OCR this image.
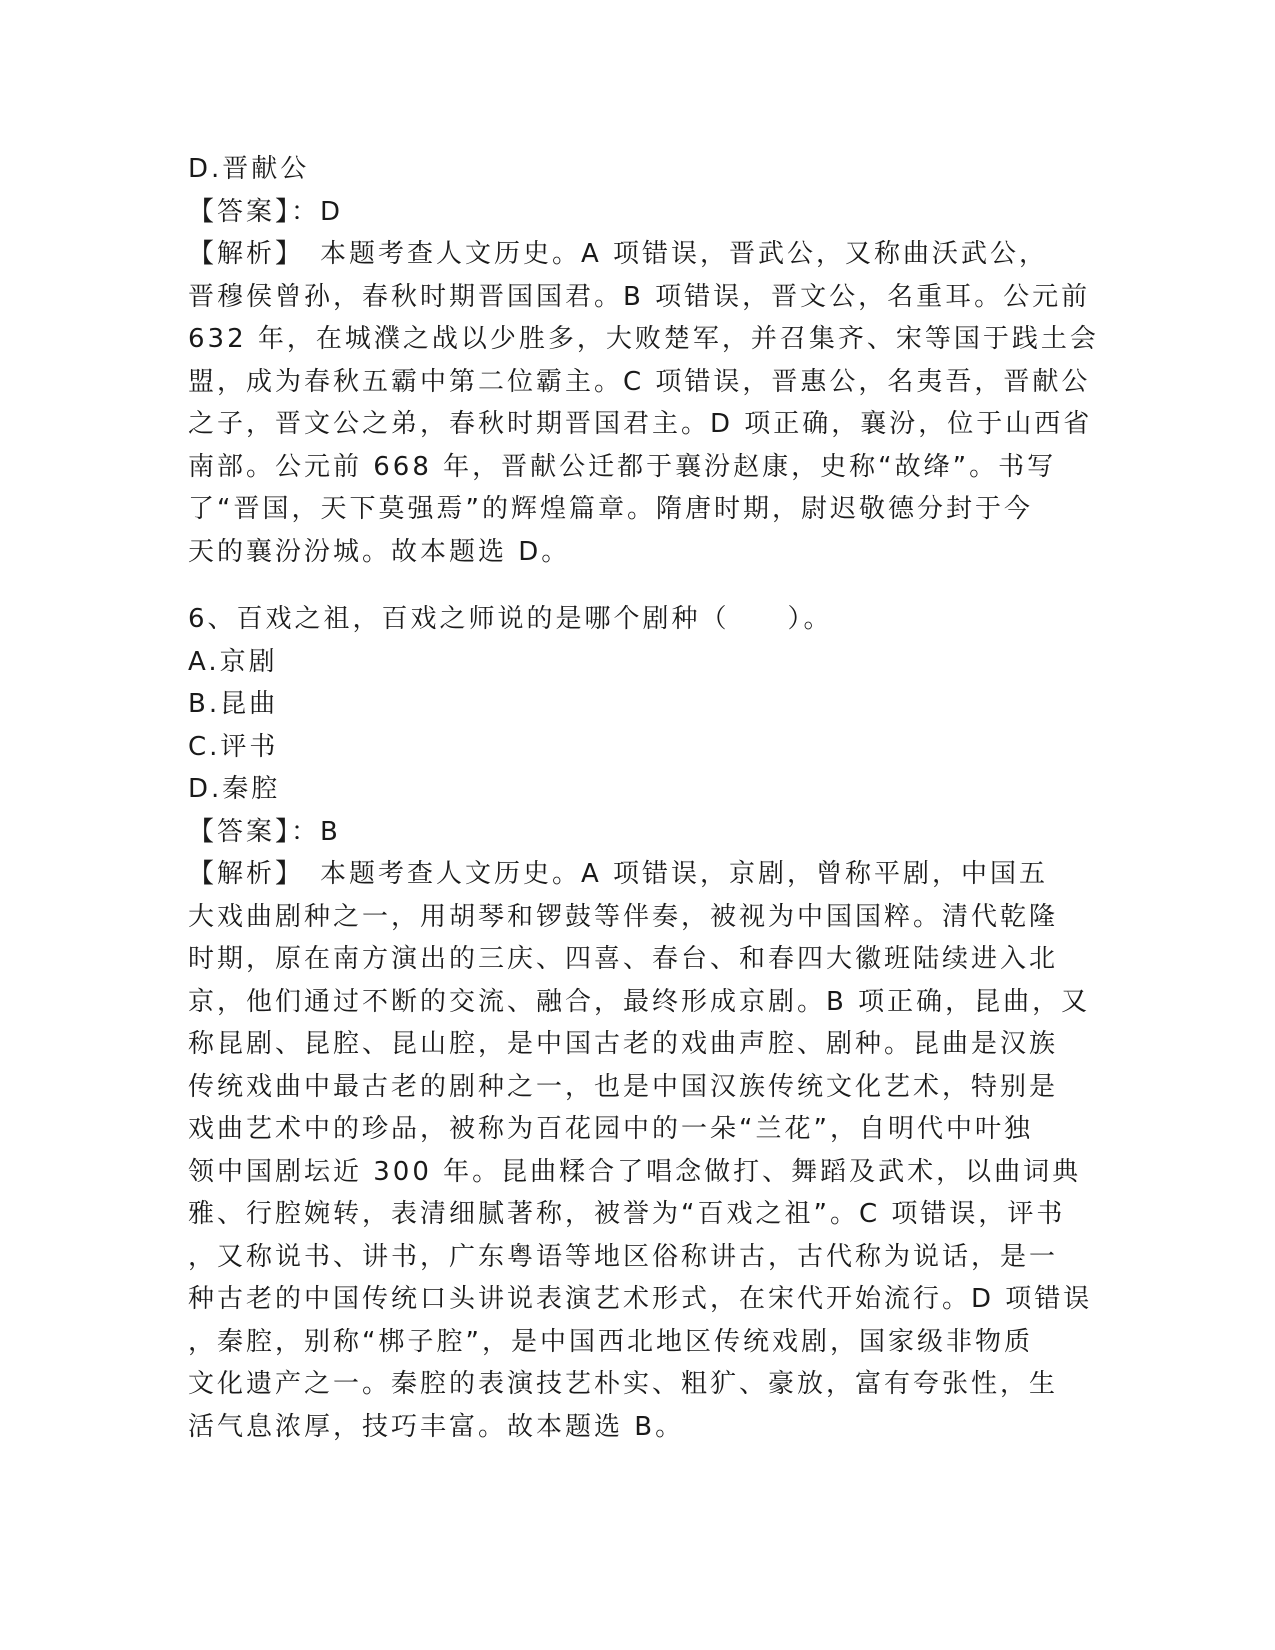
D.晋献公
【答案】：D
【解析】　本题考查人文历史。A 项错误，晋武公，又称曲沃武公，
晋穆侯曾孙，春秋时期晋国国君。B 项错误，晋文公，名重耳。公元前
632 年，在城濮之战以少胜多，大败楚军，并召集齐、宋等国于践土会
盟，成为春秋五霸中第二位霸主。C 项错误，晋惠公，名夷吾，晋献公
之子，晋文公之弟，春秋时期晋国君主。D 项正确，襄汾，位于山西省
南部。公元前 668 年，晋献公迁都于襄汾赵康，史称“故绛”。书写
了“晋国，天下莫强焉”的辉煌篇章。隋唐时期，尉迟敬德分封于今
天的襄汾汾城。故本题选 D。
6、百戏之祖，百戏之师说的是哪个剧种（　　）。
A.京剧
B.昆曲
C.评书
D.秦腔
【答案】：B
【解析】　本题考查人文历史。A 项错误，京剧，曾称平剧，中国五
大戏曲剧种之一，用胡琴和锣鼓等伴奏，被视为中国国粹。清代乾隆
时期，原在南方演出的三庆、四喜、春台、和春四大徽班陆续进入北
京，他们通过不断的交流、融合，最终形成京剧。B 项正确，昆曲，又
称昆剧、昆腔、昆山腔，是中国古老的戏曲声腔、剧种。昆曲是汉族
传统戏曲中最古老的剧种之一，也是中国汉族传统文化艺术，特别是
戏曲艺术中的珍品，被称为百花园中的一朵“兰花”，自明代中叶独
领中国剧坛近 300 年。昆曲糅合了唱念做打、舞蹈及武术，以曲词典
雅、行腔婉转，表清细腻著称，被誉为“百戏之祖”。C 项错误，评书
，又称说书、讲书，广东粤语等地区俗称讲古，古代称为说话，是一
种古老的中国传统口头讲说表演艺术形式，在宋代开始流行。D 项错误
，秦腔，别称“梆子腔”，是中国西北地区传统戏剧，国家级非物质
文化遗产之一。秦腔的表演技艺朴实、粗犷、豪放，富有夸张性，生
活气息浓厚，技巧丰富。故本题选 B。
